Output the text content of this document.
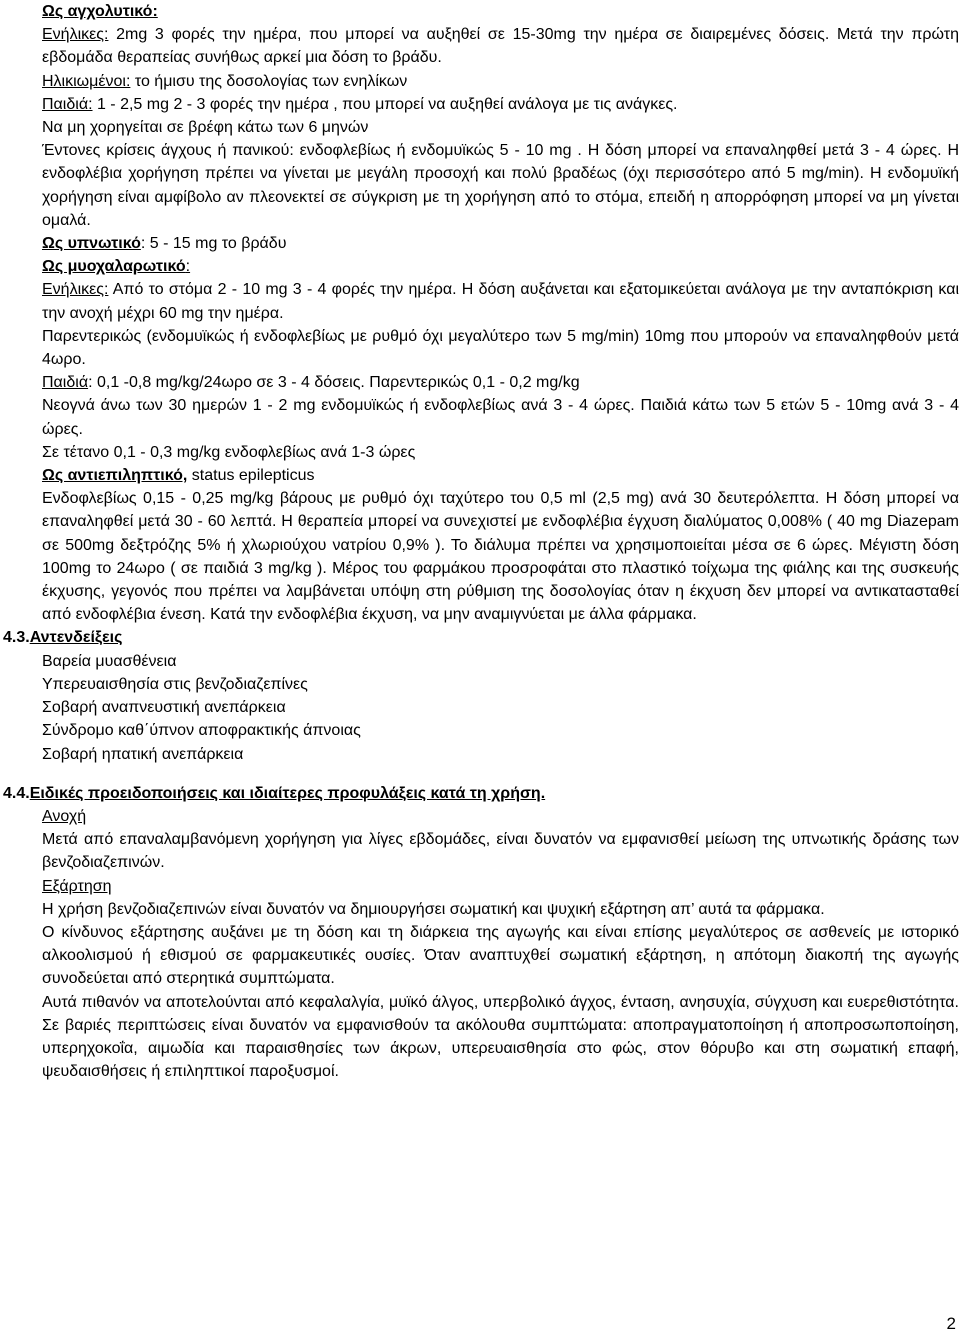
Ως αγχολυτικό:

Ενήλικες: 2mg 3 φορές την ημέρα, που μπορεί να αυξηθεί σε 15-30mg την ημέρα σε διαιρεμένες δόσεις. Μετά την πρώτη εβδομάδα θεραπείας συνήθως αρκεί μια δόση το βράδυ.

Ηλικιωμένοι: το ήμισυ της δοσολογίας των ενηλίκων

Παιδιά: 1 - 2,5 mg 2 - 3 φορές την ημέρα , που μπορεί να αυξηθεί ανάλογα με τις ανάγκες.

Να μη χορηγείται σε βρέφη κάτω των 6 μηνών

Έντονες κρίσεις άγχους ή πανικού: ενδοφλεβίως ή ενδομυϊκώς 5 - 10 mg . Η δόση μπορεί να επαναληφθεί μετά 3 - 4 ώρες. Η ενδοφλέβια χορήγηση πρέπει να γίνεται με μεγάλη προσοχή και πολύ βραδέως (όχι περισσότερο από 5 mg/min). Η ενδομυϊκή χορήγηση είναι αμφίβολο αν πλεονεκτεί σε σύγκριση με τη χορήγηση από το στόμα, επειδή η απορρόφηση μπορεί να μη γίνεται ομαλά.

Ως υπνωτικό: 5 - 15 mg το βράδυ

Ως μυοχαλαρωτικό:

Ενήλικες: Από το στόμα 2 - 10 mg 3 - 4 φορές την ημέρα. Η δόση αυξάνεται και εξατομικεύεται ανάλογα με την ανταπόκριση και την ανοχή μέχρι 60 mg την ημέρα.

Παρεντερικώς (ενδομυϊκώς ή ενδοφλεβίως με ρυθμό όχι μεγαλύτερο των 5 mg/min) 10mg που μπορούν να επαναληφθούν μετά 4ωρο.

Παιδιά: 0,1 -0,8 mg/kg/24ωρο σε 3 - 4 δόσεις. Παρεντερικώς 0,1 - 0,2 mg/kg

Νεογνά άνω των 30 ημερών 1 - 2 mg ενδομυϊκώς ή ενδοφλεβίως ανά 3 - 4 ώρες. Παιδιά κάτω των 5 ετών 5 - 10mg ανά 3 - 4 ώρες.

Σε τέτανο 0,1 - 0,3 mg/kg ενδοφλεβίως ανά 1-3 ώρες

Ως αντιεπιληπτικό, status epilepticus

Ενδοφλεβίως 0,15 - 0,25 mg/kg βάρους με ρυθμό όχι ταχύτερο του 0,5 ml (2,5 mg) ανά 30 δευτερόλεπτα. Η δόση μπορεί να επαναληφθεί μετά 30 - 60 λεπτά. Η θεραπεία μπορεί να συνεχιστεί με ενδοφλέβια έγχυση διαλύματος 0,008% ( 40 mg Diazepam σε 500mg δεξτρόζης 5% ή χλωριούχου νατρίου 0,9% ). Το διάλυμα πρέπει να χρησιμοποιείται μέσα σε 6 ώρες. Μέγιστη δόση 100mg το 24ωρο ( σε παιδιά 3 mg/kg ). Μέρος του φαρμάκου προσροφάται στο πλαστικό τοίχωμα της φιάλης και της συσκευής έκχυσης, γεγονός που πρέπει να λαμβάνεται υπόψη στη ρύθμιση της δοσολογίας όταν η έκχυση δεν μπορεί να αντικατασταθεί από ενδοφλέβια ένεση. Κατά την ενδοφλέβια έκχυση, να μην αναμιγνύεται με άλλα φάρμακα.

4.3.Αντενδείξεις

Βαρεία μυασθένεια

Υπερευαισθησία στις βενζοδιαζεπίνες

Σοβαρή αναπνευστική ανεπάρκεια

Σύνδρομο καθ΄ύπνον αποφρακτικής άπνοιας

Σοβαρή ηπατική ανεπάρκεια

4.4.Ειδικές προειδοποιήσεις και ιδιαίτερες προφυλάξεις κατά τη χρήση.

Ανοχή

Μετά από επαναλαμβανόμενη χορήγηση για λίγες εβδομάδες, είναι δυνατόν να εμφανισθεί μείωση της υπνωτικής δράσης των βενζοδιαζεπινών.

Εξάρτηση

Η χρήση βενζοδιαζεπινών είναι δυνατόν να δημιουργήσει σωματική και ψυχική εξάρτηση απ’ αυτά τα φάρμακα.

Ο κίνδυνος εξάρτησης αυξάνει με τη δόση και τη διάρκεια της αγωγής και είναι επίσης μεγαλύτερος σε ασθενείς με ιστορικό αλκοολισμού ή εθισμού σε φαρμακευτικές ουσίες. Όταν αναπτυχθεί σωματική εξάρτηση, η απότομη διακοπή της αγωγής συνοδεύεται από στερητικά συμπτώματα.

Αυτά πιθανόν να αποτελούνται από κεφαλαλγία, μυϊκό άλγος, υπερβολικό άγχος, ένταση, ανησυχία, σύγχυση και ευερεθιστότητα. Σε βαριές περιπτώσεις είναι δυνατόν να εμφανισθούν τα ακόλουθα συμπτώματα: αποπραγματοποίηση ή αποπροσωποποίηση, υπερηχοκοΐα, αιμωδία και παραισθησίες των άκρων, υπερευαισθησία στο φώς, στον θόρυβο και στη σωματική επαφή, ψευδαισθήσεις ή επιληπτικοί παροξυσμοί.

2
